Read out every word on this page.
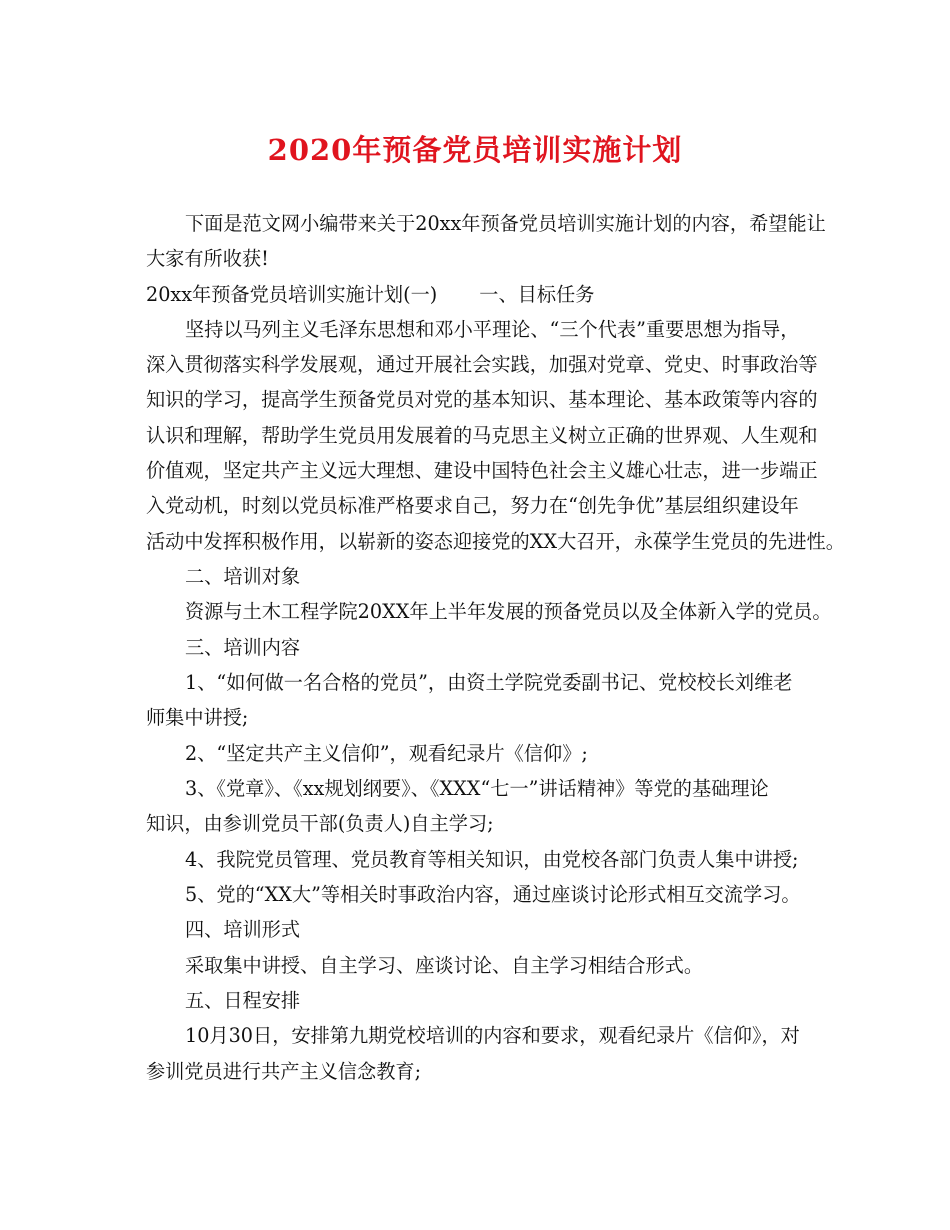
2020年预备党员培训实施计划

下面是范文网小编带来关于20xx年预备党员培训实施计划的内容，希望能让

大家有所收获!

20xx年预备党员培训实施计划(一) 一、目标任务

坚持以马列主义毛泽东思想和邓小平理论、“三个代表”重要思想为指导，

深入贯彻落实科学发展观，通过开展社会实践，加强对党章、党史、时事政治等

知识的学习，提高学生预备党员对党的基本知识、基本理论、基本政策等内容的

认识和理解，帮助学生党员用发展着的马克思主义树立正确的世界观、人生观和

价值观，坚定共产主义远大理想、建设中国特色社会主义雄心壮志，进一步端正

入党动机，时刻以党员标准严格要求自己，努力在“创先争优”基层组织建设年

活动中发挥积极作用，以崭新的姿态迎接党的XX大召开，永葆学生党员的先进性。

二、培训对象

资源与土木工程学院20XX年上半年发展的预备党员以及全体新入学的党员。

三、培训内容

1、“如何做一名合格的党员”，由资土学院党委副书记、党校校长刘维老

师集中讲授;

2、“坚定共产主义信仰”，观看纪录片《信仰》;

3、《党章》、《xx规划纲要》、《XXX“七一”讲话精神》等党的基础理论

知识，由参训党员干部(负责人)自主学习;

4、我院党员管理、党员教育等相关知识，由党校各部门负责人集中讲授;

5、党的“XX大”等相关时事政治内容，通过座谈讨论形式相互交流学习。

四、培训形式

采取集中讲授、自主学习、座谈讨论、自主学习相结合形式。

五、日程安排

10月30日，安排第九期党校培训的内容和要求，观看纪录片《信仰》，对

参训党员进行共产主义信念教育;
